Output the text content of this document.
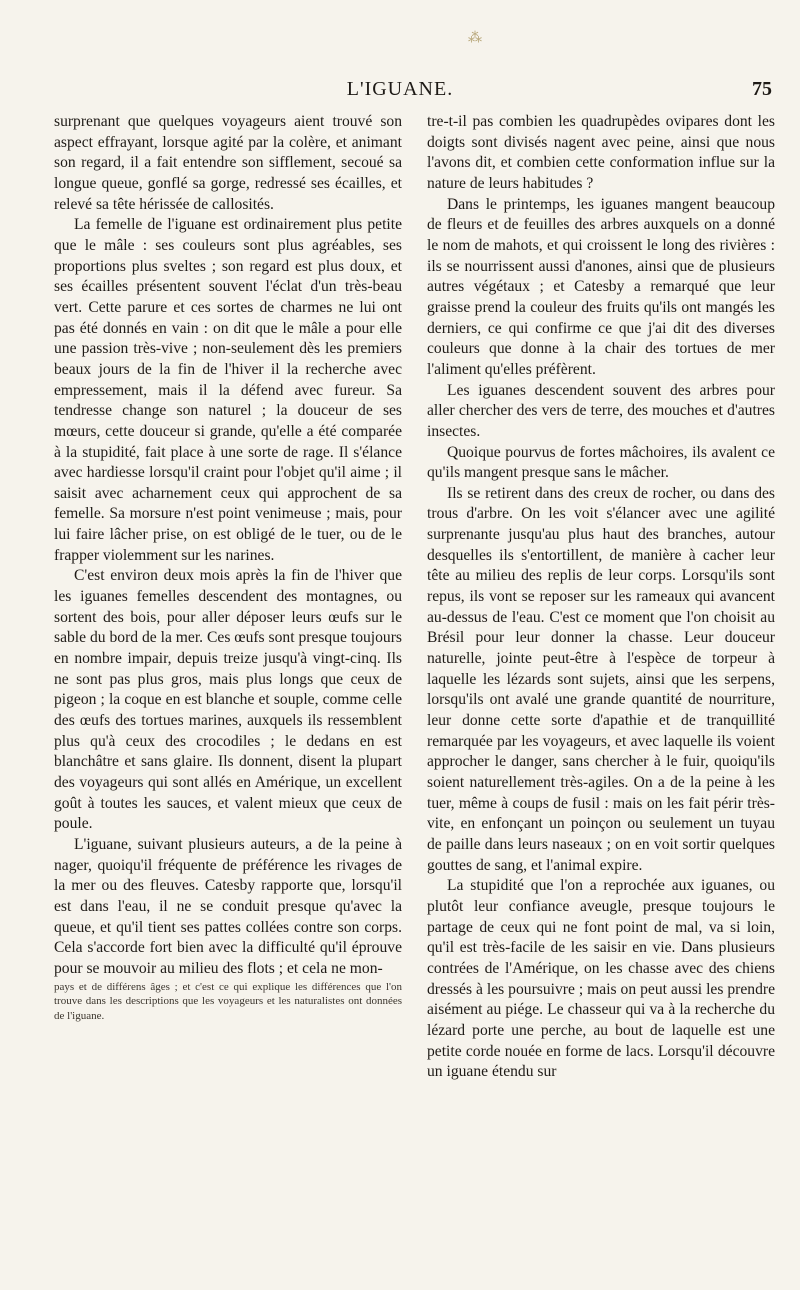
⁂
L'IGUANE.	75

surprenant que quelques voyageurs aient trouvé son aspect effrayant, lorsque agité par la colère, et animant son regard, il a fait entendre son sifflement, secoué sa longue queue, gonflé sa gorge, redressé ses écailles, et relevé sa tête hérissée de callosités.

La femelle de l'iguane est ordinairement plus petite que le mâle : ses couleurs sont plus agréables, ses proportions plus sveltes ; son regard est plus doux, et ses écailles présentent souvent l'éclat d'un très-beau vert. Cette parure et ces sortes de charmes ne lui ont pas été donnés en vain : on dit que le mâle a pour elle une passion très-vive ; non-seulement dès les premiers beaux jours de la fin de l'hiver il la recherche avec empressement, mais il la défend avec fureur. Sa tendresse change son naturel ; la douceur de ses mœurs, cette douceur si grande, qu'elle a été comparée à la stupidité, fait place à une sorte de rage. Il s'élance avec hardiesse lorsqu'il craint pour l'objet qu'il aime ; il saisit avec acharnement ceux qui approchent de sa femelle. Sa morsure n'est point venimeuse ; mais, pour lui faire lâcher prise, on est obligé de le tuer, ou de le frapper violemment sur les narines.

C'est environ deux mois après la fin de l'hiver que les iguanes femelles descendent des montagnes, ou sortent des bois, pour aller déposer leurs œufs sur le sable du bord de la mer. Ces œufs sont presque toujours en nombre impair, depuis treize jusqu'à vingt-cinq. Ils ne sont pas plus gros, mais plus longs que ceux de pigeon ; la coque en est blanche et souple, comme celle des œufs des tortues marines, auxquels ils ressemblent plus qu'à ceux des crocodiles ; le dedans en est blanchâtre et sans glaire. Ils donnent, disent la plupart des voyageurs qui sont allés en Amérique, un excellent goût à toutes les sauces, et valent mieux que ceux de poule.

L'iguane, suivant plusieurs auteurs, a de la peine à nager, quoiqu'il fréquente de préférence les rivages de la mer ou des fleuves. Catesby rapporte que, lorsqu'il est dans l'eau, il ne se conduit presque qu'avec la queue, et qu'il tient ses pattes collées contre son corps. Cela s'accorde fort bien avec la difficulté qu'il éprouve pour se mouvoir au milieu des flots ; et cela ne mon-

pays et de différens âges ; et c'est ce qui explique les différences que l'on trouve dans les descriptions que les voyageurs et les naturalistes ont données de l'iguane.

tre-t-il pas combien les quadrupèdes ovipares dont les doigts sont divisés nagent avec peine, ainsi que nous l'avons dit, et combien cette conformation influe sur la nature de leurs habitudes ?

Dans le printemps, les iguanes mangent beaucoup de fleurs et de feuilles des arbres auxquels on a donné le nom de mahots, et qui croissent le long des rivières : ils se nourrissent aussi d'anones, ainsi que de plusieurs autres végétaux ; et Catesby a remarqué que leur graisse prend la couleur des fruits qu'ils ont mangés les derniers, ce qui confirme ce que j'ai dit des diverses couleurs que donne à la chair des tortues de mer l'aliment qu'elles préfèrent.

Les iguanes descendent souvent des arbres pour aller chercher des vers de terre, des mouches et d'autres insectes.

Quoique pourvus de fortes mâchoires, ils avalent ce qu'ils mangent presque sans le mâcher.

Ils se retirent dans des creux de rocher, ou dans des trous d'arbre. On les voit s'élancer avec une agilité surprenante jusqu'au plus haut des branches, autour desquelles ils s'entortillent, de manière à cacher leur tête au milieu des replis de leur corps. Lorsqu'ils sont repus, ils vont se reposer sur les rameaux qui avancent au-dessus de l'eau. C'est ce moment que l'on choisit au Brésil pour leur donner la chasse. Leur douceur naturelle, jointe peut-être à l'espèce de torpeur à laquelle les lézards sont sujets, ainsi que les serpens, lorsqu'ils ont avalé une grande quantité de nourriture, leur donne cette sorte d'apathie et de tranquillité remarquée par les voyageurs, et avec laquelle ils voient approcher le danger, sans chercher à le fuir, quoiqu'ils soient naturellement très-agiles. On a de la peine à les tuer, même à coups de fusil : mais on les fait périr très-vite, en enfonçant un poinçon ou seulement un tuyau de paille dans leurs naseaux ; on en voit sortir quelques gouttes de sang, et l'animal expire.

La stupidité que l'on a reprochée aux iguanes, ou plutôt leur confiance aveugle, presque toujours le partage de ceux qui ne font point de mal, va si loin, qu'il est très-facile de les saisir en vie. Dans plusieurs contrées de l'Amérique, on les chasse avec des chiens dressés à les poursuivre ; mais on peut aussi les prendre aisément au piége. Le chasseur qui va à la recherche du lézard porte une perche, au bout de laquelle est une petite corde nouée en forme de lacs. Lorsqu'il découvre un iguane étendu sur
